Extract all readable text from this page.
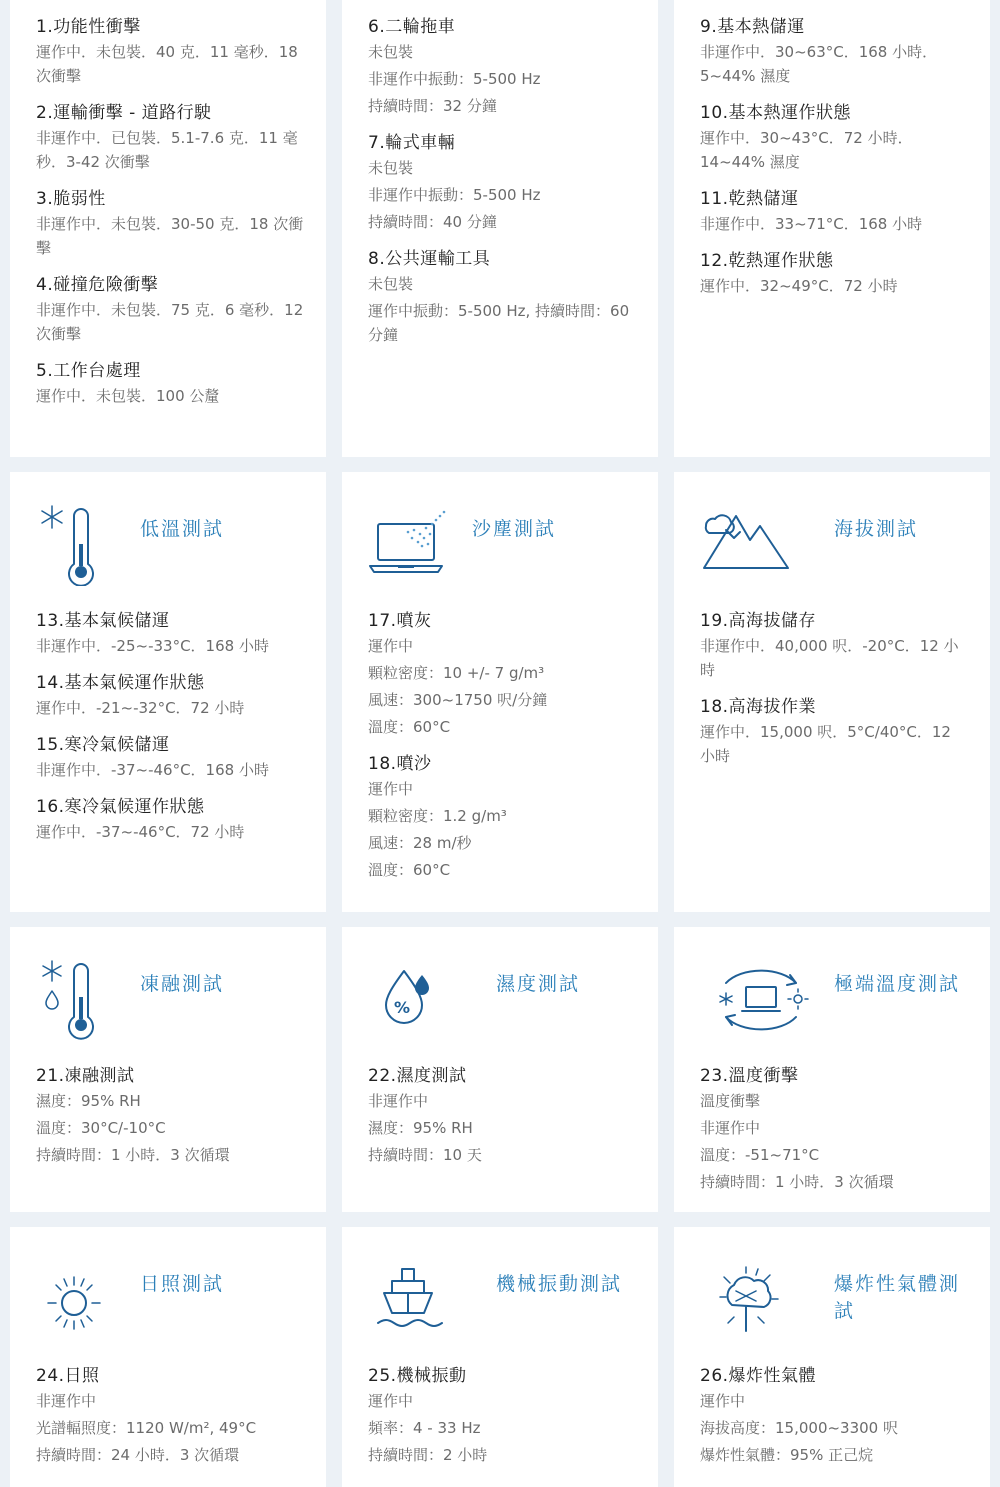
1.功能性衝擊
運作中．未包裝．40 克．11 毫秒．18 次衝擊
2.運輸衝擊 - 道路行駛
非運作中．已包裝．5.1-7.6 克．11 毫秒．3-42 次衝擊
3.脆弱性
非運作中．未包裝．30-50 克．18 次衝擊
4.碰撞危險衝擊
非運作中．未包裝．75 克．6 毫秒．12 次衝擊
5.工作台處理
運作中．未包裝．100 公釐
6.二輪拖車
未包裝
非運作中振動：5-500 Hz
持續時間：32 分鐘
7.輪式車輛
未包裝
非運作中振動：5-500 Hz
持續時間：40 分鐘
8.公共運輸工具
未包裝
運作中振動：5-500 Hz, 持續時間：60 分鐘
9.基本熱儲運
非運作中．30~63°C．168 小時．5~44% 濕度
10.基本熱運作狀態
運作中．30~43°C．72 小時．14~44% 濕度
11.乾熱儲運
非運作中．33~71°C．168 小時
12.乾熱運作狀態
運作中．32~49°C．72 小時
低溫測試
13.基本氣候儲運
非運作中．-25~-33°C．168 小時
14.基本氣候運作狀態
運作中．-21~-32°C．72 小時
15.寒冷氣候儲運
非運作中．-37~-46°C．168 小時
16.寒冷氣候運作狀態
運作中．-37~-46°C．72 小時
沙塵測試
17.噴灰
運作中
顆粒密度：10 +/- 7 g/m³
風速：300~1750 呎/分鐘
溫度：60°C
18.噴沙
運作中
顆粒密度：1.2 g/m³
風速：28 m/秒
溫度：60°C
海拔測試
19.高海拔儲存
非運作中．40,000 呎．-20°C．12 小時
18.高海拔作業
運作中．15,000 呎．5°C/40°C．12 小時
凍融測試
21.凍融測試
濕度：95% RH
溫度：30°C/-10°C
持續時間：1 小時．3 次循環
%
濕度測試
22.濕度測試
非運作中
濕度：95% RH
持續時間：10 天
極端溫度測試
23.溫度衝擊
溫度衝擊
非運作中
溫度：-51~71°C
持續時間：1 小時．3 次循環
日照測試
24.日照
非運作中
光譜輻照度：1120 W/m², 49°C
持續時間：24 小時．3 次循環
機械振動測試
25.機械振動
運作中
頻率：4 - 33 Hz
持續時間：2 小時
爆炸性氣體測試
26.爆炸性氣體
運作中
海拔高度：15,000~3300 呎
爆炸性氣體：95% 正己烷
